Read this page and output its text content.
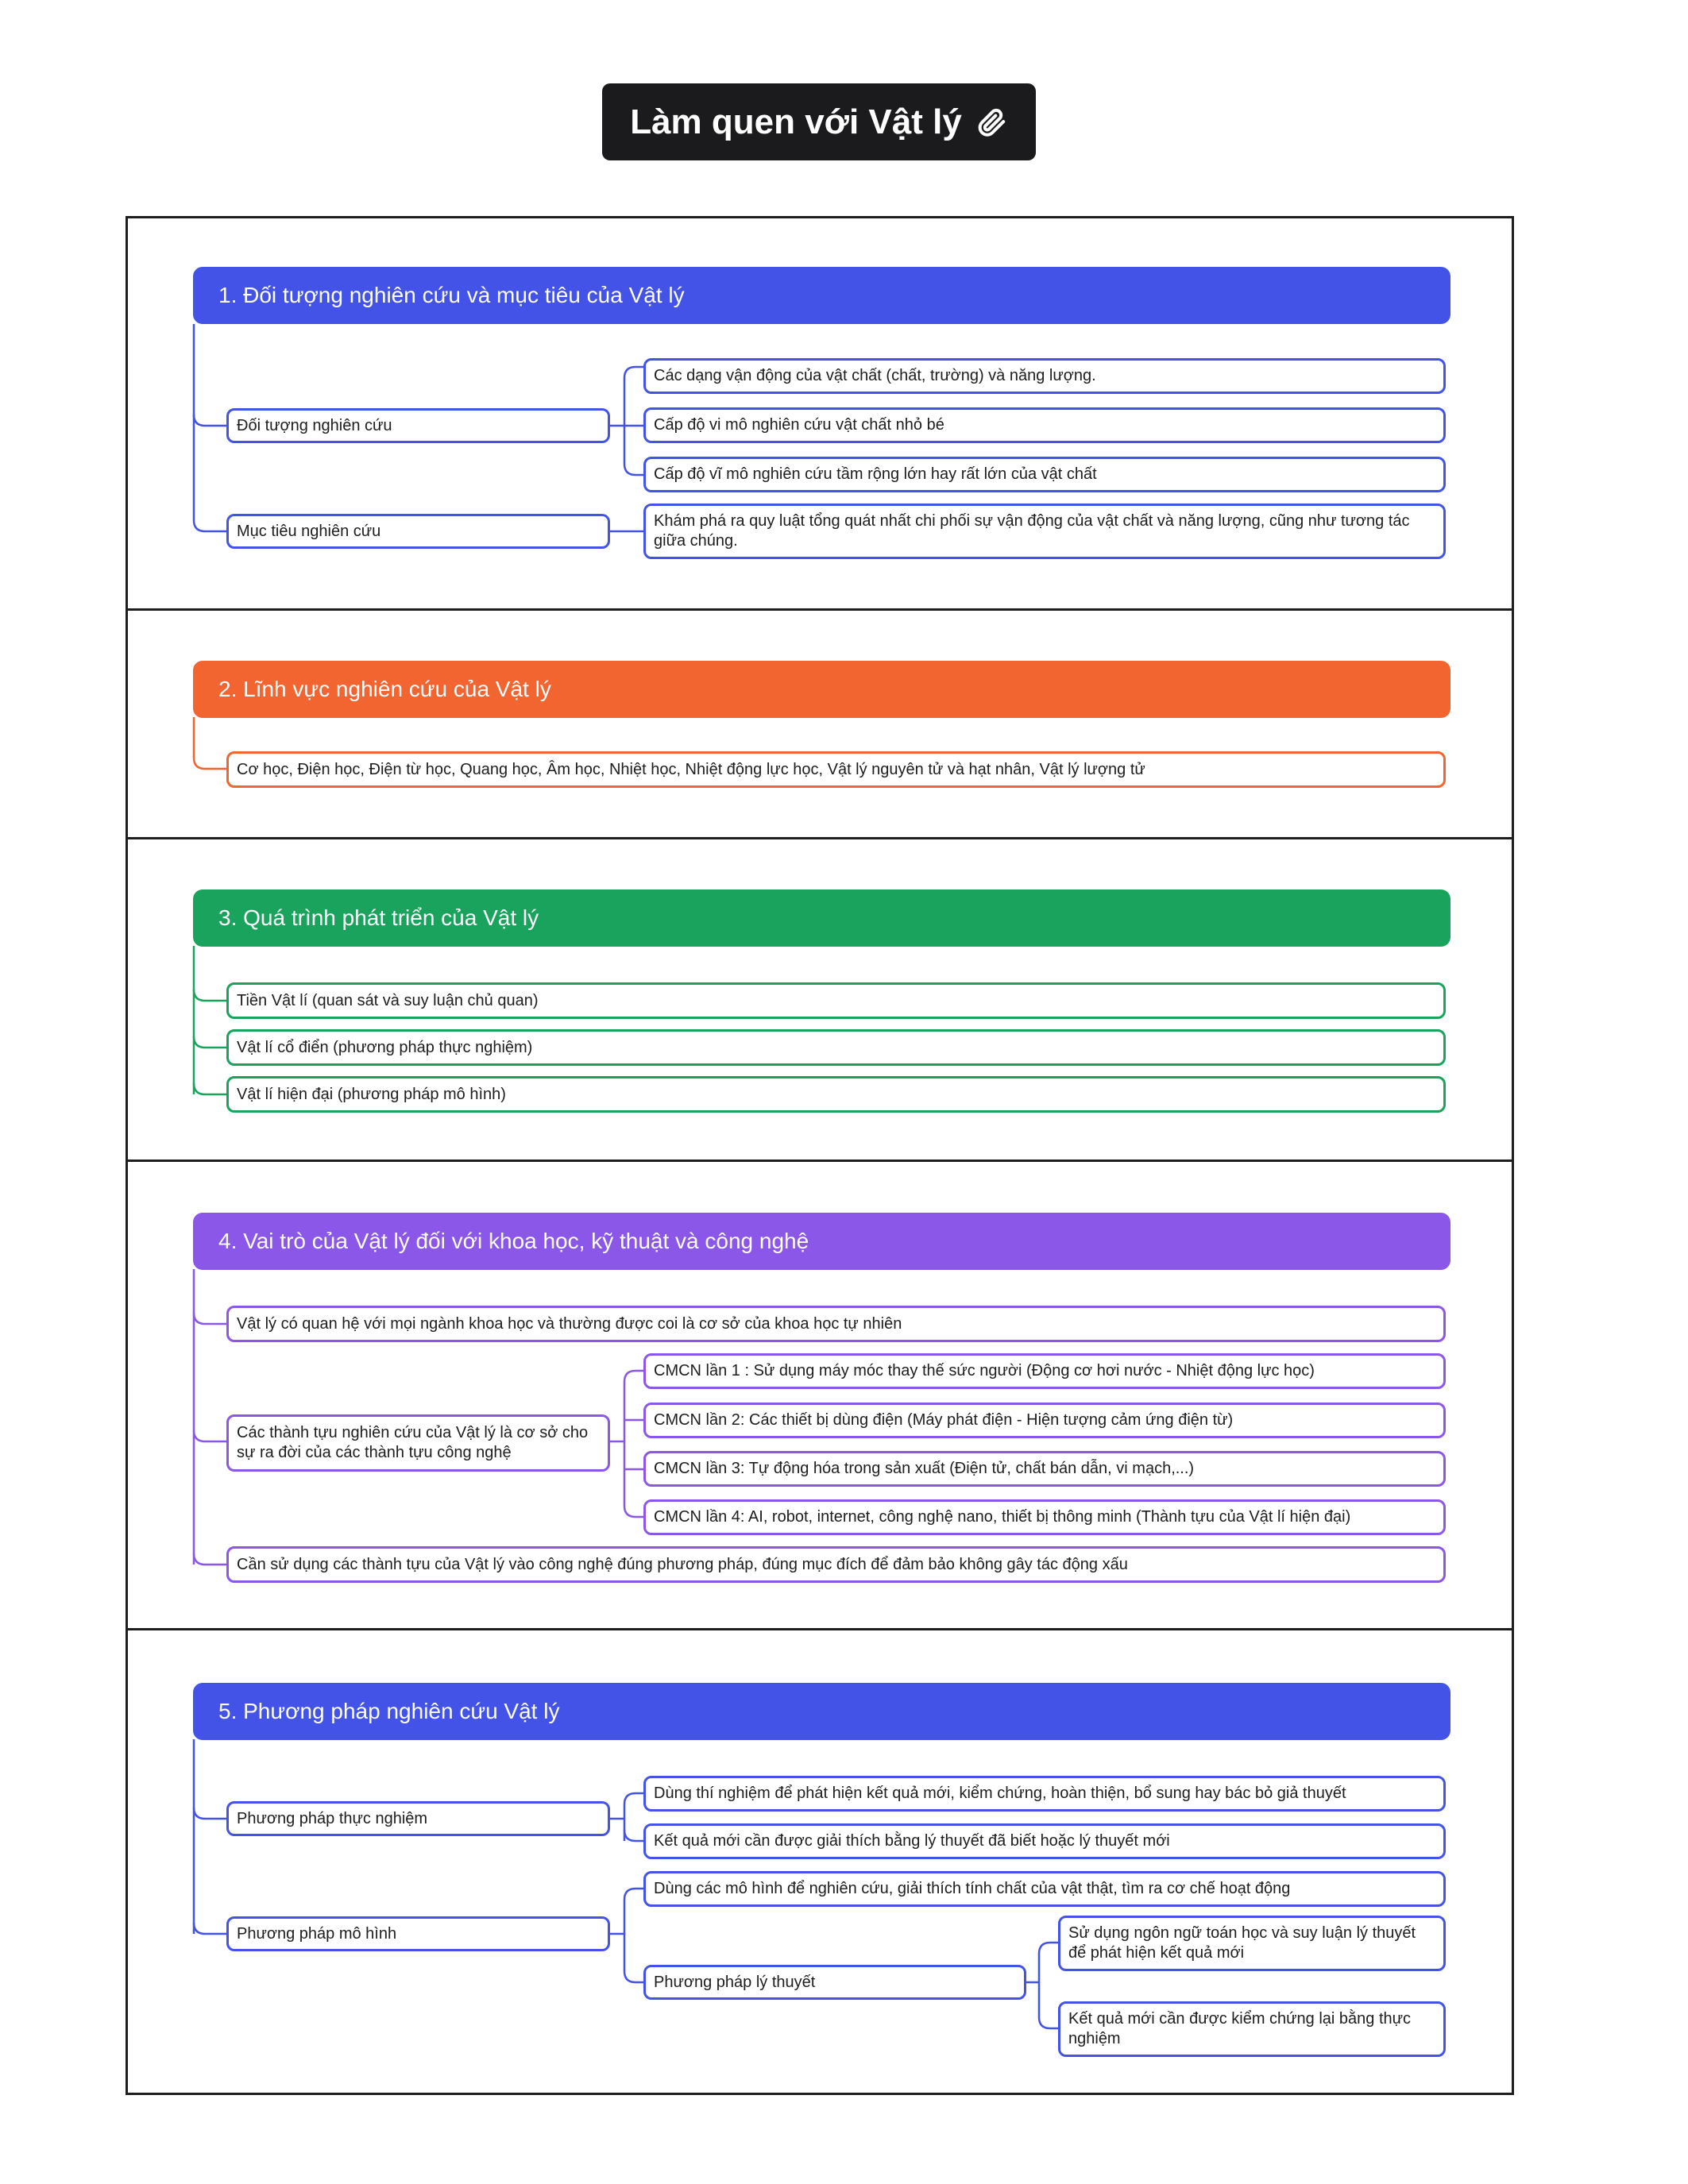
Làm quen với Vật lý
1. Đối tượng nghiên cứu và mục tiêu của Vật lý
Đối tượng nghiên cứu
Các dạng vận động của vật chất (chất, trường) và năng lượng.
Cấp độ vi mô nghiên cứu vật chất nhỏ bé
Cấp độ vĩ mô nghiên cứu tầm rộng lớn hay rất lớn của vật chất
Mục tiêu nghiên cứu
Khám phá ra quy luật tổng quát nhất chi phối sự vận động của vật chất và năng lượng, cũng như tương tác giữa chúng.
2. Lĩnh vực nghiên cứu của Vật lý
Cơ học, Điện học, Điện từ học, Quang học, Âm học, Nhiệt học, Nhiệt động lực học, Vật lý nguyên tử và hạt nhân, Vật lý lượng tử
3. Quá trình phát triển của Vật lý
Tiền Vật lí (quan sát và suy luận chủ quan)
Vật lí cổ điển (phương pháp thực nghiệm)
Vật lí hiện đại (phương pháp mô hình)
4. Vai trò của Vật lý đối với khoa học, kỹ thuật và công nghệ
Vật lý có quan hệ với mọi ngành khoa học và thường được coi là cơ sở của khoa học tự nhiên
Các thành tựu nghiên cứu của Vật lý là cơ sở cho sự ra đời của các thành tựu công nghệ
CMCN lần 1 : Sử dụng máy móc thay thế sức người (Động cơ hơi nước - Nhiệt động lực học)
CMCN lần 2: Các thiết bị dùng điện (Máy phát điện - Hiện tượng cảm ứng điện từ)
CMCN lần 3: Tự động hóa trong sản xuất (Điện tử, chất bán dẫn, vi mạch,...)
CMCN lần 4: AI, robot, internet, công nghệ nano, thiết bị thông minh (Thành tựu của Vật lí hiện đại)
Cần sử dụng các thành tựu của Vật lý vào công nghệ đúng phương pháp, đúng mục đích để đảm bảo không gây tác động xấu
5. Phương pháp nghiên cứu Vật lý
Phương pháp thực nghiệm
Dùng thí nghiệm để phát hiện kết quả mới, kiểm chứng, hoàn thiện, bổ sung hay bác bỏ giả thuyết
Kết quả mới cần được giải thích bằng lý thuyết đã biết hoặc lý thuyết mới
Phương pháp mô hình
Dùng các mô hình để nghiên cứu, giải thích tính chất của vật thật, tìm ra cơ chế hoạt động
Phương pháp lý thuyết
Sử dụng ngôn ngữ toán học và suy luận lý thuyết để phát hiện kết quả mới
Kết quả mới cần được kiểm chứng lại bằng thực nghiệm
